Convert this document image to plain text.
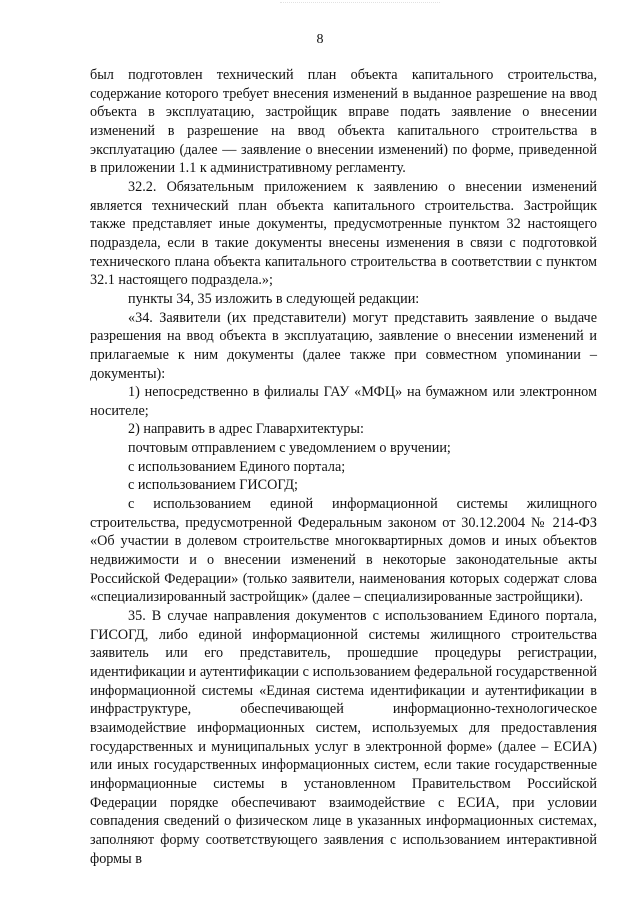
8

был подготовлен технический план объекта капитального строительства, содержание которого требует внесения изменений в выданное разрешение на ввод объекта в эксплуатацию, застройщик вправе подать заявление о внесении изменений в разрешение на ввод объекта капитального строительства в эксплуатацию (далее — заявление о внесении изменений) по форме, приведенной в приложении 1.1 к административному регламенту.

32.2. Обязательным приложением к заявлению о внесении изменений является технический план объекта капитального строительства. Застройщик также представляет иные документы, предусмотренные пунктом 32 настоящего подраздела, если в такие документы внесены изменения в связи с подготовкой технического плана объекта капитального строительства в соответствии с пунктом 32.1 настоящего подраздела.»;

пункты 34, 35 изложить в следующей редакции:

«34. Заявители (их представители) могут представить заявление о выдаче разрешения на ввод объекта в эксплуатацию, заявление о внесении изменений и прилагаемые к ним документы (далее также при совместном упоминании – документы):

1) непосредственно в филиалы ГАУ «МФЦ» на бумажном или электронном носителе;

2) направить в адрес Главархитектуры:

почтовым отправлением с уведомлением о вручении;

с использованием Единого портала;

с использованием ГИСОГД;

с использованием единой информационной системы жилищного строительства, предусмотренной Федеральным законом от 30.12.2004 № 214-ФЗ «Об участии в долевом строительстве многоквартирных домов и иных объектов недвижимости и о внесении изменений в некоторые законодательные акты Российской Федерации» (только заявители, наименования которых содержат слова «специализированный застройщик» (далее – специализированные застройщики).

35. В случае направления документов с использованием Единого портала, ГИСОГД, либо единой информационной системы жилищного строительства заявитель или его представитель, прошедшие процедуры регистрации, идентификации и аутентификации с использованием федеральной государственной информационной системы «Единая система идентификации и аутентификации в инфраструктуре, обеспечивающей информационно-технологическое взаимодействие информационных систем, используемых для предоставления государственных и муниципальных услуг в электронной форме» (далее – ЕСИА) или иных государственных информационных систем, если такие государственные информационные системы в установленном Правительством Российской Федерации порядке обеспечивают взаимодействие с ЕСИА, при условии совпадения сведений о физическом лице в указанных информационных системах, заполняют форму соответствующего заявления с использованием интерактивной формы в
